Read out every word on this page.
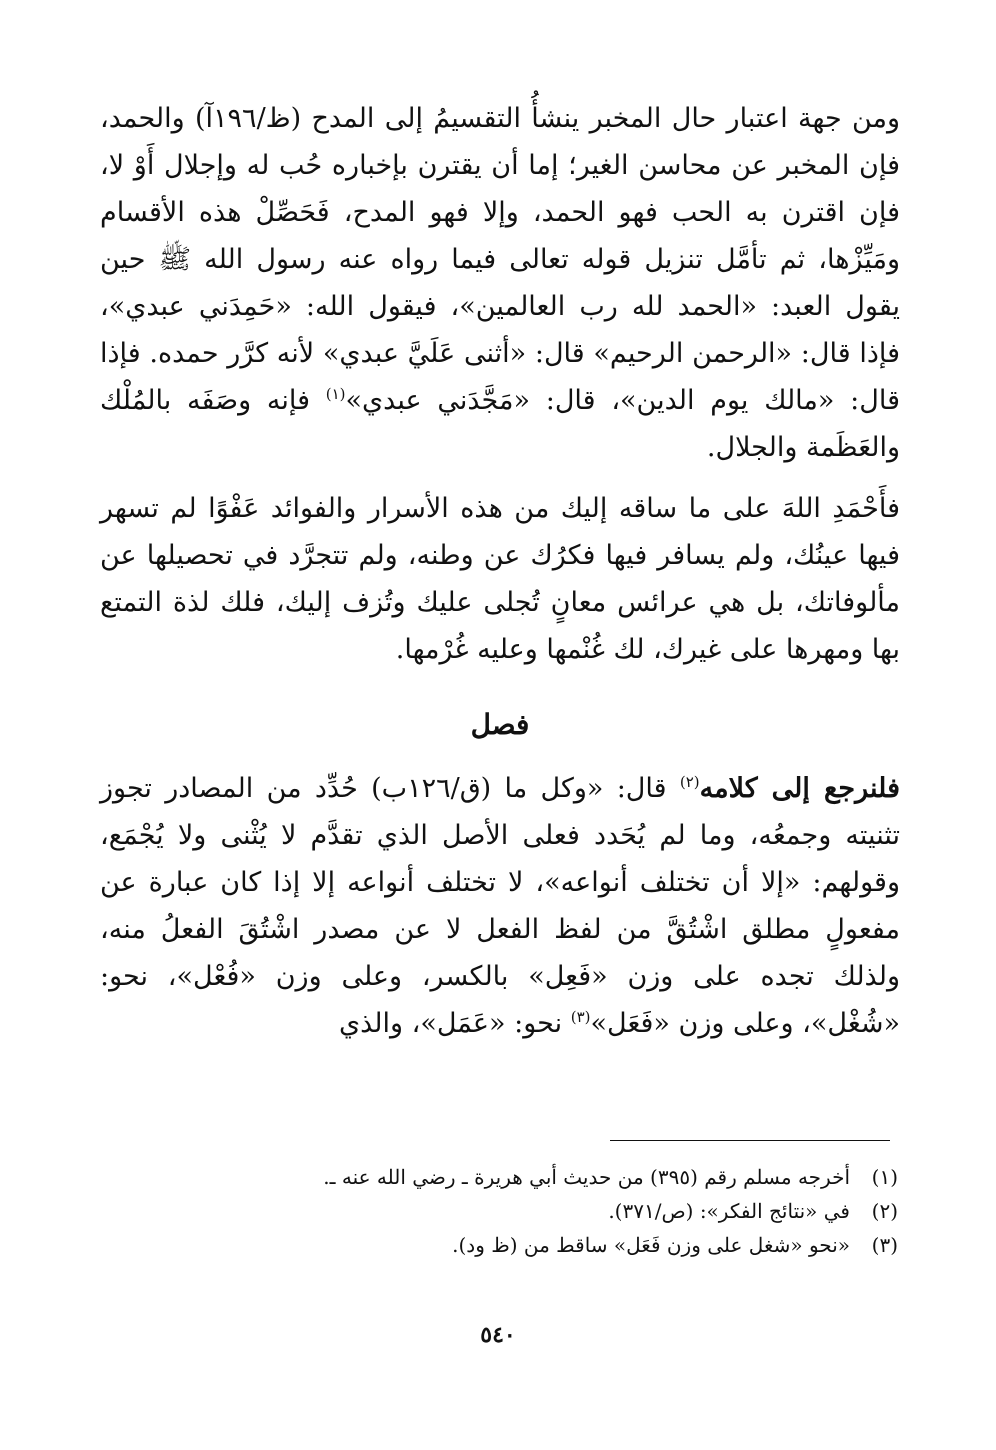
ومن جهة اعتبار حال المخبر ينشأُ التقسيمُ إلى المدح (ظ/١٩٦آ) والحمد، فإن المخبر عن محاسن الغير؛ إما أن يقترن بإخباره حُب له وإجلال أَوْ لا، فإن اقترن به الحب فهو الحمد، وإلا فهو المدح، فَحَصِّلْ هذه الأقسام ومَيِّزْها، ثم تأمَّل تنزيل قوله تعالى فيما رواه عنه رسول الله ﷺ حين يقول العبد: «الحمد لله رب العالمين»، فيقول الله: «حَمِدَني عبدي»، فإذا قال: «الرحمن الرحيم» قال: «أثنى عَلَيَّ عبدي» لأنه كرَّر حمده. فإذا قال: «مالك يوم الدين»، قال: «مَجَّدَني عبدي»$^{(١)}$ فإنه وصَفَه بالمُلْك والعَظَمة والجلال.

فأَحْمَدِ اللهَ على ما ساقه إليك من هذه الأسرار والفوائد عَفْوًا لم تسهر فيها عينُك، ولم يسافر فيها فكرُك عن وطنه، ولم تتجرَّد في تحصيلها عن مألوفاتك، بل هي عرائس معانٍ تُجلى عليك وتُزف إليك، فلك لذة التمتع بها ومهرها على غيرك، لك غُنْمها وعليه غُرْمها.

فصل

فلنرجع إلى كلامه$^{(٢)}$ قال: «وكل ما (ق/١٢٦ب) حُدِّد من المصادر تجوز تثنيته وجمعُه، وما لم يُحَدد فعلى الأصل الذي تقدَّم لا يُثْنى ولا يُجْمَع، وقولهم: «إلا أن تختلف أنواعه»، لا تختلف أنواعه إلا إذا كان عبارة عن مفعولٍ مطلق اشْتُقَّ من لفظ الفعل لا عن مصدر اشْتُقَ الفعلُ منه، ولذلك تجده على وزن «فَعِل» بالكسر، وعلى وزن «فُعْل»، نحو: «شُغْل»، وعلى وزن «فَعَل»$^{(٣)}$ نحو: «عَمَل»، والذي

(١)أخرجه مسلم رقم (٣٩٥) من حديث أبي هريرة ـ رضي الله عنه ـ.

(٢)في «نتائج الفكر»: (ص/٣٧١).

(٣)«نحو «شغل على وزن فَعَل» ساقط من (ظ ود).

٥٤٠
